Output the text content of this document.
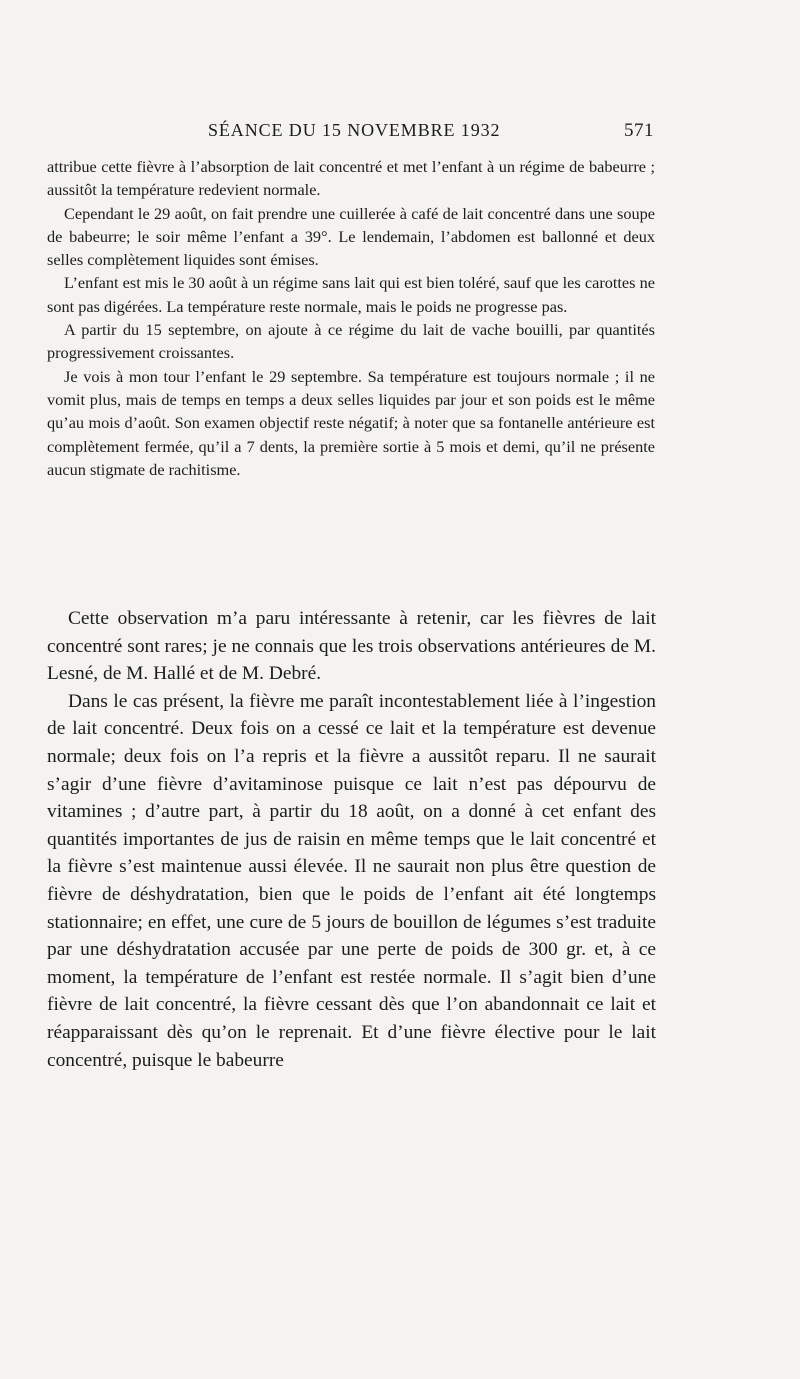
SÉANCE DU 15 NOVEMBRE 1932	571

attribue cette fièvre à l’absorption de lait concentré et met l’enfant à un régime de babeurre ; aussitôt la température redevient normale.

Cependant le 29 août, on fait prendre une cuillerée à café de lait concentré dans une soupe de babeurre; le soir même l’enfant a 39°. Le lendemain, l’abdomen est ballonné et deux selles complètement liquides sont émises.

L’enfant est mis le 30 août à un régime sans lait qui est bien toléré, sauf que les carottes ne sont pas digérées. La température reste normale, mais le poids ne progresse pas.

A partir du 15 septembre, on ajoute à ce régime du lait de vache bouilli, par quantités progressivement croissantes.

Je vois à mon tour l’enfant le 29 septembre. Sa température est toujours normale ; il ne vomit plus, mais de temps en temps a deux selles liquides par jour et son poids est le même qu’au mois d’août. Son examen objectif reste négatif; à noter que sa fontanelle antérieure est complètement fermée, qu’il a 7 dents, la première sortie à 5 mois et demi, qu’il ne présente aucun stigmate de rachitisme.

Cette observation m’a paru intéressante à retenir, car les fièvres de lait concentré sont rares; je ne connais que les trois observations antérieures de M. Lesné, de M. Hallé et de M. Debré.

Dans le cas présent, la fièvre me paraît incontestablement liée à l’ingestion de lait concentré. Deux fois on a cessé ce lait et la température est devenue normale; deux fois on l’a repris et la fièvre a aussitôt reparu. Il ne saurait s’agir d’une fièvre d’avitaminose puisque ce lait n’est pas dépourvu de vitamines ; d’autre part, à partir du 18 août, on a donné à cet enfant des quantités importantes de jus de raisin en même temps que le lait concentré et la fièvre s’est maintenue aussi élevée. Il ne saurait non plus être question de fièvre de déshydratation, bien que le poids de l’enfant ait été longtemps stationnaire; en effet, une cure de 5 jours de bouillon de légumes s’est traduite par une déshydratation accusée par une perte de poids de 300 gr. et, à ce moment, la température de l’enfant est restée normale. Il s’agit bien d’une fièvre de lait concentré, la fièvre cessant dès que l’on abandonnait ce lait et réapparaissant dès qu’on le reprenait. Et d’une fièvre élective pour le lait concentré, puisque le babeurre
